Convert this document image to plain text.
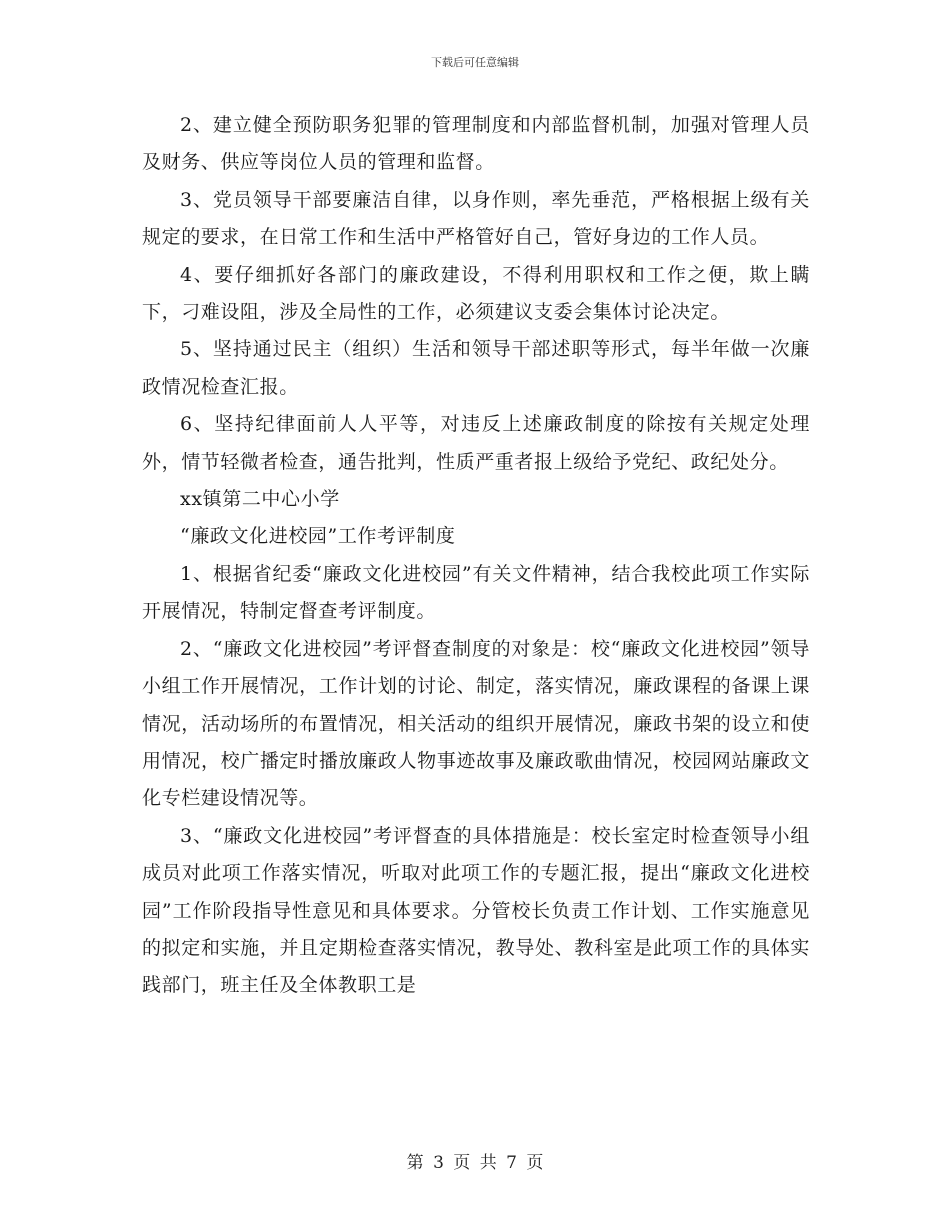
下载后可任意编辑

2、建立健全预防职务犯罪的管理制度和内部监督机制，加强对管理人员及财务、供应等岗位人员的管理和监督。

3、党员领导干部要廉洁自律，以身作则，率先垂范，严格根据上级有关规定的要求，在日常工作和生活中严格管好自己，管好身边的工作人员。

4、要仔细抓好各部门的廉政建设，不得利用职权和工作之便，欺上瞒下，刁难设阻，涉及全局性的工作，必须建议支委会集体讨论决定。

5、坚持通过民主（组织）生活和领导干部述职等形式，每半年做一次廉政情况检查汇报。

6、坚持纪律面前人人平等，对违反上述廉政制度的除按有关规定处理外，情节轻微者检查，通告批判，性质严重者报上级给予党纪、政纪处分。

xx镇第二中心小学

“廉政文化进校园”工作考评制度

1、根据省纪委“廉政文化进校园”有关文件精神，结合我校此项工作实际开展情况，特制定督查考评制度。

2、“廉政文化进校园”考评督查制度的对象是：校“廉政文化进校园”领导小组工作开展情况，工作计划的讨论、制定，落实情况，廉政课程的备课上课情况，活动场所的布置情况，相关活动的组织开展情况，廉政书架的设立和使用情况，校广播定时播放廉政人物事迹故事及廉政歌曲情况，校园网站廉政文化专栏建设情况等。

3、“廉政文化进校园”考评督查的具体措施是：校长室定时检查领导小组成员对此项工作落实情况，听取对此项工作的专题汇报，提出“廉政文化进校园”工作阶段指导性意见和具体要求。分管校长负责工作计划、工作实施意见的拟定和实施，并且定期检查落实情况，教导处、教科室是此项工作的具体实践部门，班主任及全体教职工是

第 3 页 共 7 页
